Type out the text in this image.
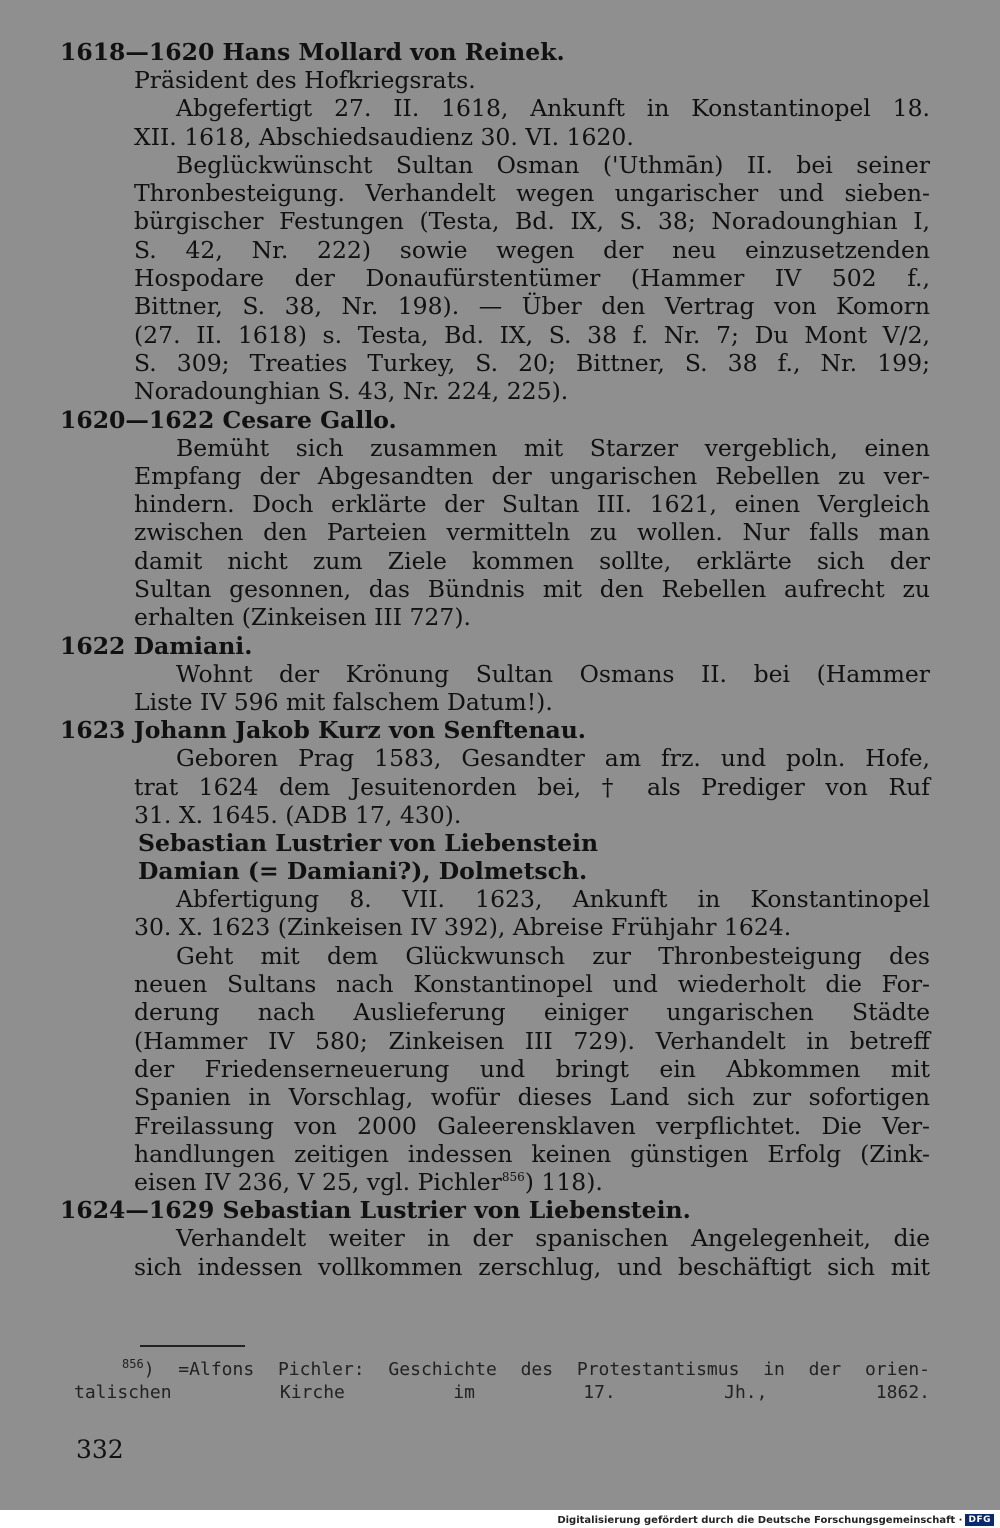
1618—1620 Hans Mollard von Reinek.

Präsident des Hofkriegsrats.
Abgefertigt 27. II. 1618, Ankunft in Konstantinopel 18.
XII. 1618, Abschiedsaudienz 30. VI. 1620.
Beglückwünscht Sultan Osman ('Uthmān) II. bei seiner
Thronbesteigung. Verhandelt wegen ungarischer und sieben-
bürgischer Festungen (Testa, Bd. IX, S. 38; Noradounghian I,
S. 42, Nr. 222) sowie wegen der neu einzusetzenden
Hospodare der Donaufürstentümer (Hammer IV 502 f.,
Bittner, S. 38, Nr. 198). — Über den Vertrag von Komorn
(27. II. 1618) s. Testa, Bd. IX, S. 38 f. Nr. 7; Du Mont V/2,
S. 309; Treaties Turkey, S. 20; Bittner, S. 38 f., Nr. 199;
Noradounghian S. 43, Nr. 224, 225).

1620—1622 Cesare Gallo.

Bemüht sich zusammen mit Starzer vergeblich, einen
Empfang der Abgesandten der ungarischen Rebellen zu ver-
hindern. Doch erklärte der Sultan III. 1621, einen Vergleich
zwischen den Parteien vermitteln zu wollen. Nur falls man
damit nicht zum Ziele kommen sollte, erklärte sich der
Sultan gesonnen, das Bündnis mit den Rebellen aufrecht zu
erhalten (Zinkeisen III 727).

1622 Damiani.

Wohnt der Krönung Sultan Osmans II. bei (Hammer
Liste IV 596 mit falschem Datum!).

1623 Johann Jakob Kurz von Senftenau.

Geboren Prag 1583, Gesandter am frz. und poln. Hofe,
trat 1624 dem Jesuitenorden bei, † als Prediger von Ruf
31. X. 1645. (ADB 17, 430).

Sebastian Lustrier von Liebenstein

Damian (= Damiani?), Dolmetsch.

Abfertigung 8. VII. 1623, Ankunft in Konstantinopel
30. X. 1623 (Zinkeisen IV 392), Abreise Frühjahr 1624.
Geht mit dem Glückwunsch zur Thronbesteigung des
neuen Sultans nach Konstantinopel und wiederholt die For-
derung nach Auslieferung einiger ungarischen Städte
(Hammer IV 580; Zinkeisen III 729). Verhandelt in betreff
der Friedenserneuerung und bringt ein Abkommen mit
Spanien in Vorschlag, wofür dieses Land sich zur sofortigen
Freilassung von 2000 Galeerensklaven verpflichtet. Die Ver-
handlungen zeitigen indessen keinen günstigen Erfolg (Zink-
eisen IV 236, V 25, vgl. Pichler$^{856}$) 118).

1624—1629 Sebastian Lustrier von Liebenstein.

Verhandelt weiter in der spanischen Angelegenheit, die
sich indessen vollkommen zerschlug, und beschäftigt sich mit
$^{856}$) =Alfons Pichler: Geschichte des Protestantismus in der orien-
talischen Kirche im 17. Jh., 1862.
332
Digitalisierung gefördert durch die Deutsche Forschungsgemeinschaft · DFG
